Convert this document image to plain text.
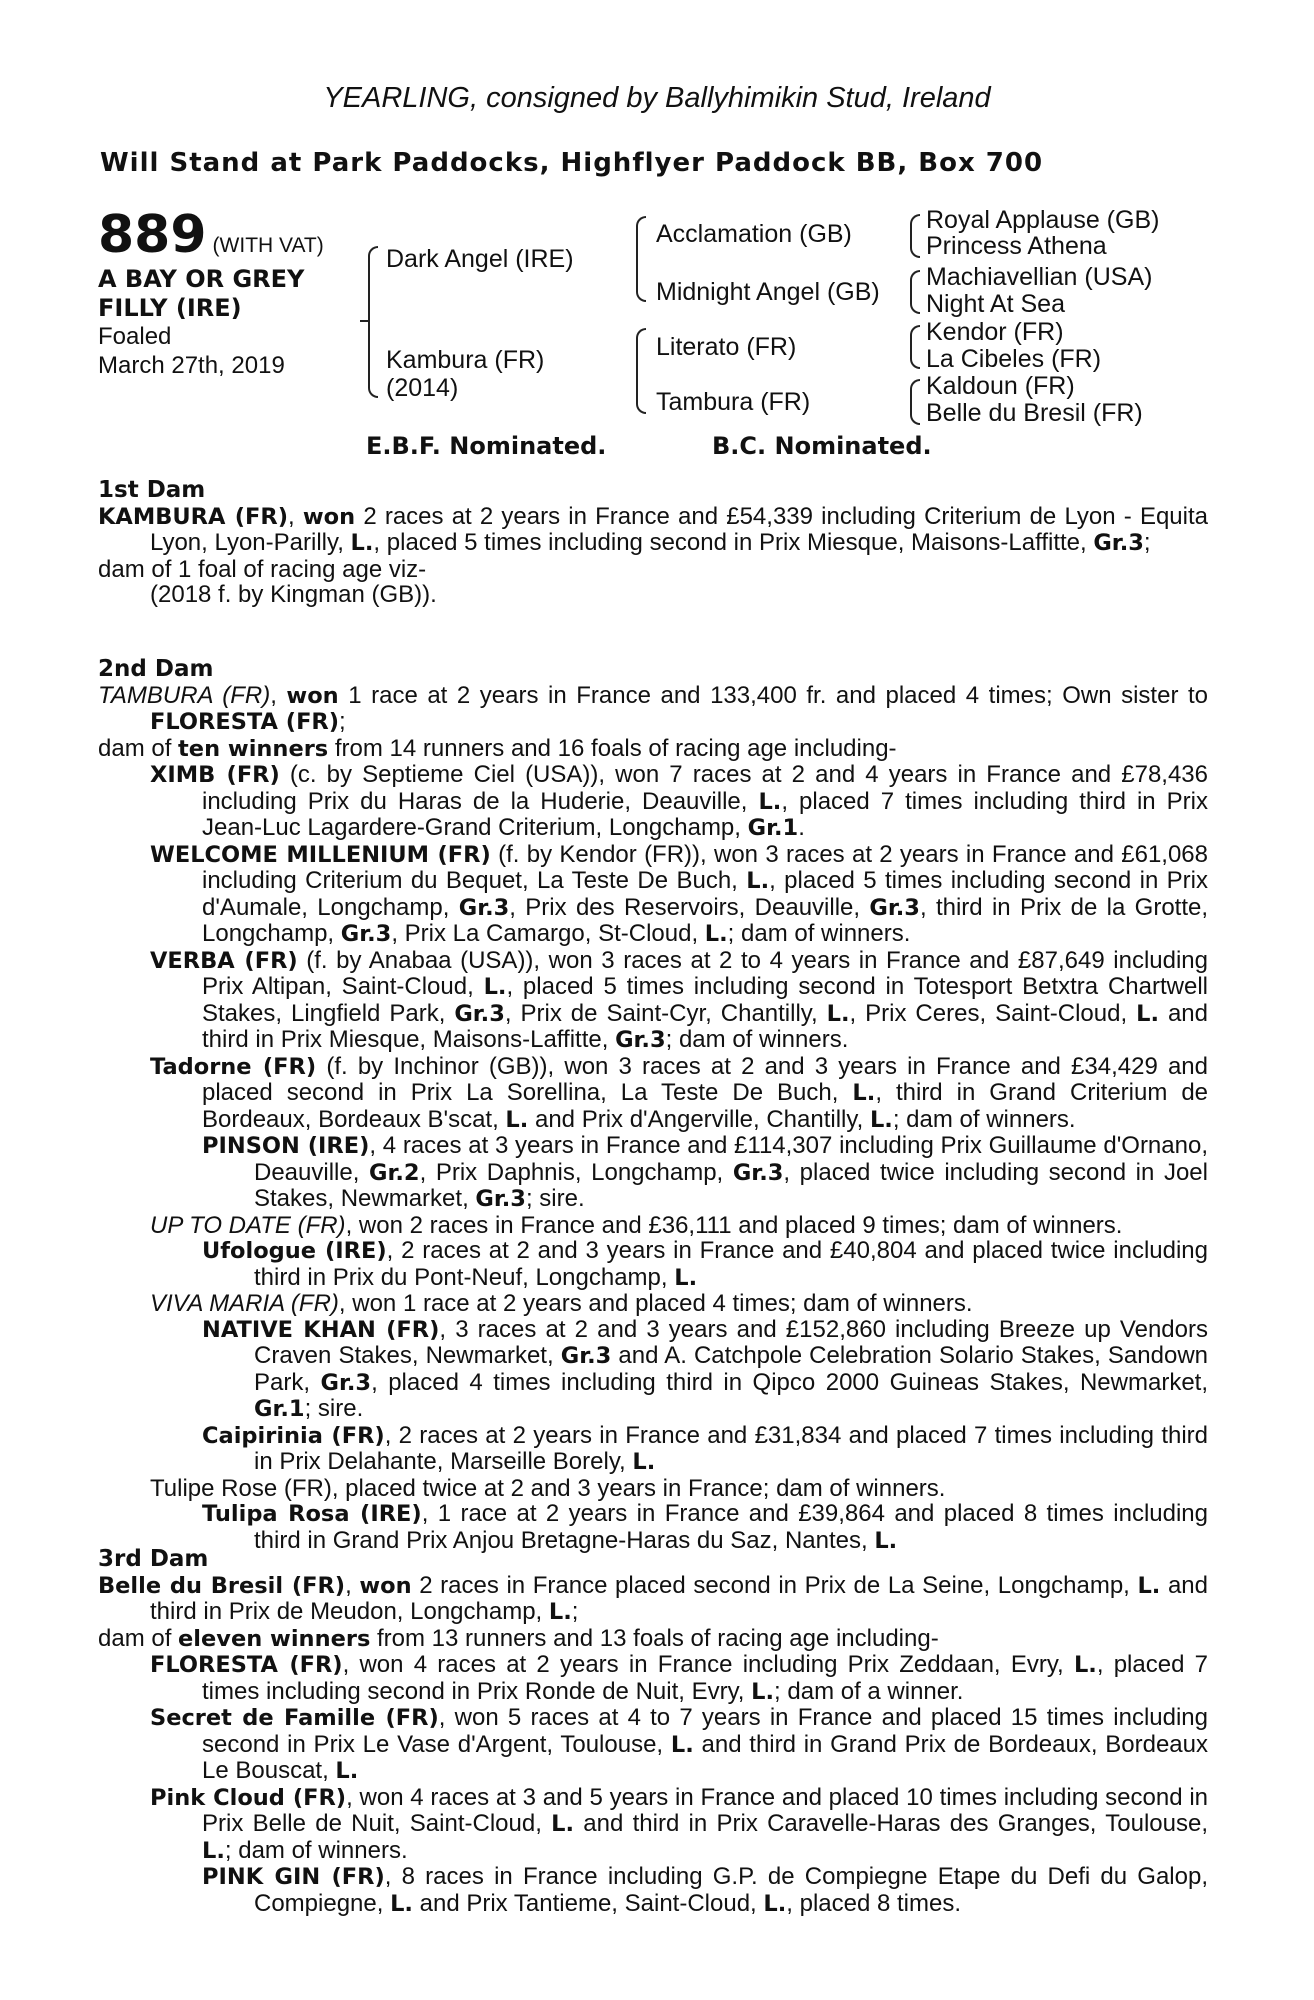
YEARLING, consigned by Ballyhimikin Stud, Ireland
Will Stand at Park Paddocks, Highflyer Paddock BB, Box 700
889 (WITH VAT)
A BAY OR GREY
FILLY (IRE)
Foaled
March 27th, 2019
Dark Angel (IRE)
Kambura (FR)
(2014)
Acclamation (GB)
Midnight Angel (GB)
Literato (FR)
Tambura (FR)
Royal Applause (GB)
Princess Athena
Machiavellian (USA)
Night At Sea
Kendor (FR)
La Cibeles (FR)
Kaldoun (FR)
Belle du Bresil (FR)
E.B.F. Nominated.	B.C. Nominated.
1st Dam
KAMBURA (FR), won 2 races at 2 years in France and £54,339 including Criterium de Lyon - Equita Lyon, Lyon-Parilly, L., placed 5 times including second in Prix Miesque, Maisons-Laffitte, Gr.3;
dam of 1 foal of racing age viz-
(2018 f. by Kingman (GB)).
2nd Dam
TAMBURA (FR), won 1 race at 2 years in France and 133,400 fr. and placed 4 times; Own sister to FLORESTA (FR);
dam of ten winners from 14 runners and 16 foals of racing age including-
XIMB (FR) (c. by Septieme Ciel (USA)), won 7 races at 2 and 4 years in France and £78,436 including Prix du Haras de la Huderie, Deauville, L., placed 7 times including third in Prix Jean-Luc Lagardere-Grand Criterium, Longchamp, Gr.1.
WELCOME MILLENIUM (FR) (f. by Kendor (FR)), won 3 races at 2 years in France and £61,068 including Criterium du Bequet, La Teste De Buch, L., placed 5 times including second in Prix d'Aumale, Longchamp, Gr.3, Prix des Reservoirs, Deauville, Gr.3, third in Prix de la Grotte, Longchamp, Gr.3, Prix La Camargo, St-Cloud, L.; dam of winners.
VERBA (FR) (f. by Anabaa (USA)), won 3 races at 2 to 4 years in France and £87,649 including Prix Altipan, Saint-Cloud, L., placed 5 times including second in Totesport Betxtra Chartwell Stakes, Lingfield Park, Gr.3, Prix de Saint-Cyr, Chantilly, L., Prix Ceres, Saint-Cloud, L. and third in Prix Miesque, Maisons-Laffitte, Gr.3; dam of winners.
Tadorne (FR) (f. by Inchinor (GB)), won 3 races at 2 and 3 years in France and £34,429 and placed second in Prix La Sorellina, La Teste De Buch, L., third in Grand Criterium de Bordeaux, Bordeaux B'scat, L. and Prix d'Angerville, Chantilly, L.; dam of winners.
PINSON (IRE), 4 races at 3 years in France and £114,307 including Prix Guillaume d'Ornano, Deauville, Gr.2, Prix Daphnis, Longchamp, Gr.3, placed twice including second in Joel Stakes, Newmarket, Gr.3; sire.
UP TO DATE (FR), won 2 races in France and £36,111 and placed 9 times; dam of winners.
Ufologue (IRE), 2 races at 2 and 3 years in France and £40,804 and placed twice including third in Prix du Pont-Neuf, Longchamp, L.
VIVA MARIA (FR), won 1 race at 2 years and placed 4 times; dam of winners.
NATIVE KHAN (FR), 3 races at 2 and 3 years and £152,860 including Breeze up Vendors Craven Stakes, Newmarket, Gr.3 and A. Catchpole Celebration Solario Stakes, Sandown Park, Gr.3, placed 4 times including third in Qipco 2000 Guineas Stakes, Newmarket, Gr.1; sire.
Caipirinia (FR), 2 races at 2 years in France and £31,834 and placed 7 times including third in Prix Delahante, Marseille Borely, L.
Tulipe Rose (FR), placed twice at 2 and 3 years in France; dam of winners.
Tulipa Rosa (IRE), 1 race at 2 years in France and £39,864 and placed 8 times including third in Grand Prix Anjou Bretagne-Haras du Saz, Nantes, L.
3rd Dam
Belle du Bresil (FR), won 2 races in France placed second in Prix de La Seine, Longchamp, L. and third in Prix de Meudon, Longchamp, L.;
dam of eleven winners from 13 runners and 13 foals of racing age including-
FLORESTA (FR), won 4 races at 2 years in France including Prix Zeddaan, Evry, L., placed 7 times including second in Prix Ronde de Nuit, Evry, L.; dam of a winner.
Secret de Famille (FR), won 5 races at 4 to 7 years in France and placed 15 times including second in Prix Le Vase d'Argent, Toulouse, L. and third in Grand Prix de Bordeaux, Bordeaux Le Bouscat, L.
Pink Cloud (FR), won 4 races at 3 and 5 years in France and placed 10 times including second in Prix Belle de Nuit, Saint-Cloud, L. and third in Prix Caravelle-Haras des Granges, Toulouse, L.; dam of winners.
PINK GIN (FR), 8 races in France including G.P. de Compiegne Etape du Defi du Galop, Compiegne, L. and Prix Tantieme, Saint-Cloud, L., placed 8 times.
